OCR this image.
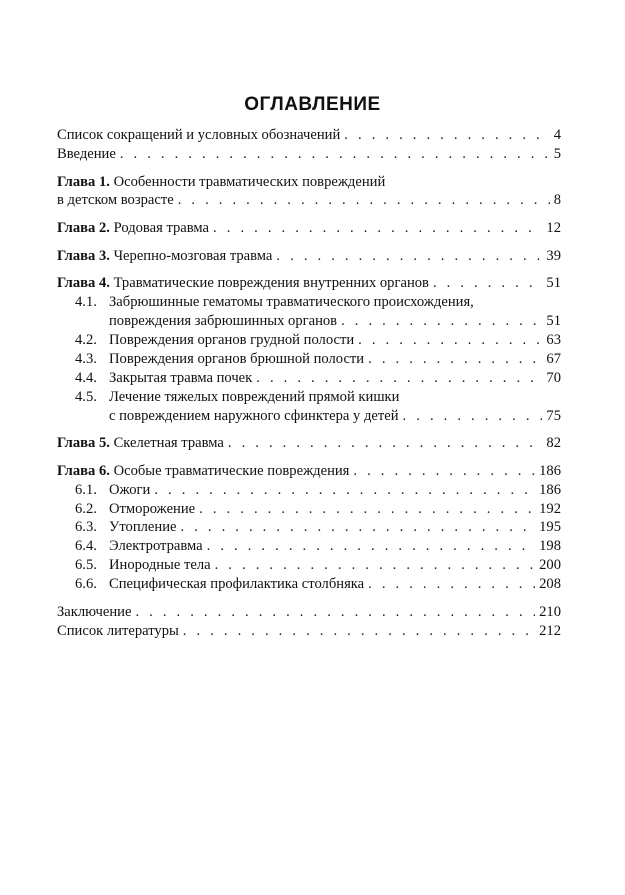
ОГЛАВЛЕНИЕ
Список сокращений и условных обозначений . . .	4
Введение . . .	5
Глава 1. Особенности травматических повреждений
в детском возрасте . . .	8
Глава 2. Родовая травма . . .	12
Глава 3. Черепно-мозговая травма . . .	39
Глава 4. Травматические повреждения внутренних органов . . .	51
4.1. Забрюшинные гематомы травматического происхождения,
повреждения забрюшинных органов . . .	51
4.2. Повреждения органов грудной полости . . .	63
4.3. Повреждения органов брюшной полости . . .	67
4.4. Закрытая травма почек . . .	70
4.5. Лечение тяжелых повреждений прямой кишки
с повреждением наружного сфинктера у детей . . .	75
Глава 5. Скелетная травма . . .	82
Глава 6. Особые травматические повреждения . . .	186
6.1. Ожоги . . .	186
6.2. Отморожение . . .	192
6.3. Утопление . . .	195
6.4. Электротравма . . .	198
6.5. Инородные тела . . .	200
6.6. Специфическая профилактика столбняка . . .	208
Заключение . . .	210
Список литературы . . .	212
